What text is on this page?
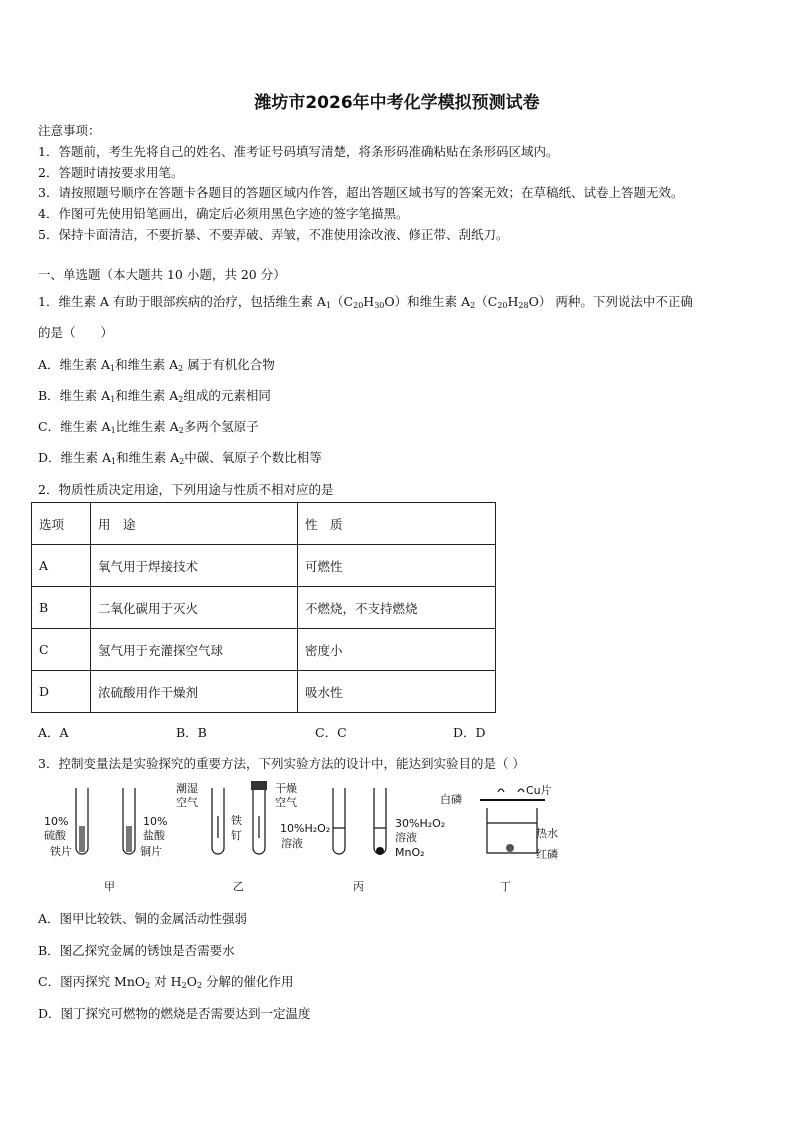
潍坊市2026年中考化学模拟预测试卷
注意事项：
1．答题前，考生先将自己的姓名、准考证号码填写清楚，将条形码准确粘贴在条形码区域内。
2．答题时请按要求用笔。
3．请按照题号顺序在答题卡各题目的答题区域内作答，超出答题区域书写的答案无效；在草稿纸、试卷上答题无效。
4．作图可先使用铅笔画出，确定后必须用黑色字迹的签字笔描黑。
5．保持卡面清洁，不要折暴、不要弄破、弄皱，不准使用涂改液、修正带、刮纸刀。
一、单选题（本大题共 10 小题，共 20 分）
1．维生素 A 有助于眼部疾病的治疗，包括维生素 $A_1(C_{20}H_{30}O)$和维生素 $A_2(C_{20}H_{28}O)$ 两种。下列说法中不正确
的是（　　）
A．维生素 $A_1$和维生素 $A_2$ 属于有机化合物
B．维生素 $A_1$和维生素 $A_2$组成的元素相同
C．维生素 $A_1$比维生素 $A_2$多两个氢原子
D．维生素 $A_1$和维生素 $A_2$中碳、氧原子个数比相等
2．物质性质决定用途，下列用途与性质不相对应的是
选项	用　途	性　质
A	氧气用于焊接技术	可燃性
B	二氧化碳用于灭火	不燃烧，不支持燃烧
C	氢气用于充灌探空气球	密度小
D	浓硫酸用作干燥剂	吸水性
A．A	B．B	C．C	D．D
3．控制变量法是实验探究的重要方法，下列实验方法的设计中，能达到实验目的是（ ）
10%
硫酸
铁片
10%
盐酸
铜片
甲
潮湿
空气
铁
钉
干燥
空气
乙
10%H₂O₂
溶液
30%H₂O₂
溶液
MnO₂
丙
白磷
Cu片
热水
红磷
丁
A．图甲比较铁、铜的金属活动性强弱
B．图乙探究金属的锈蚀是否需要水
C．图丙探究 MnO$_2$ 对 $H_2O_2$ 分解的催化作用
D．图丁探究可燃物的燃烧是否需要达到一定温度
